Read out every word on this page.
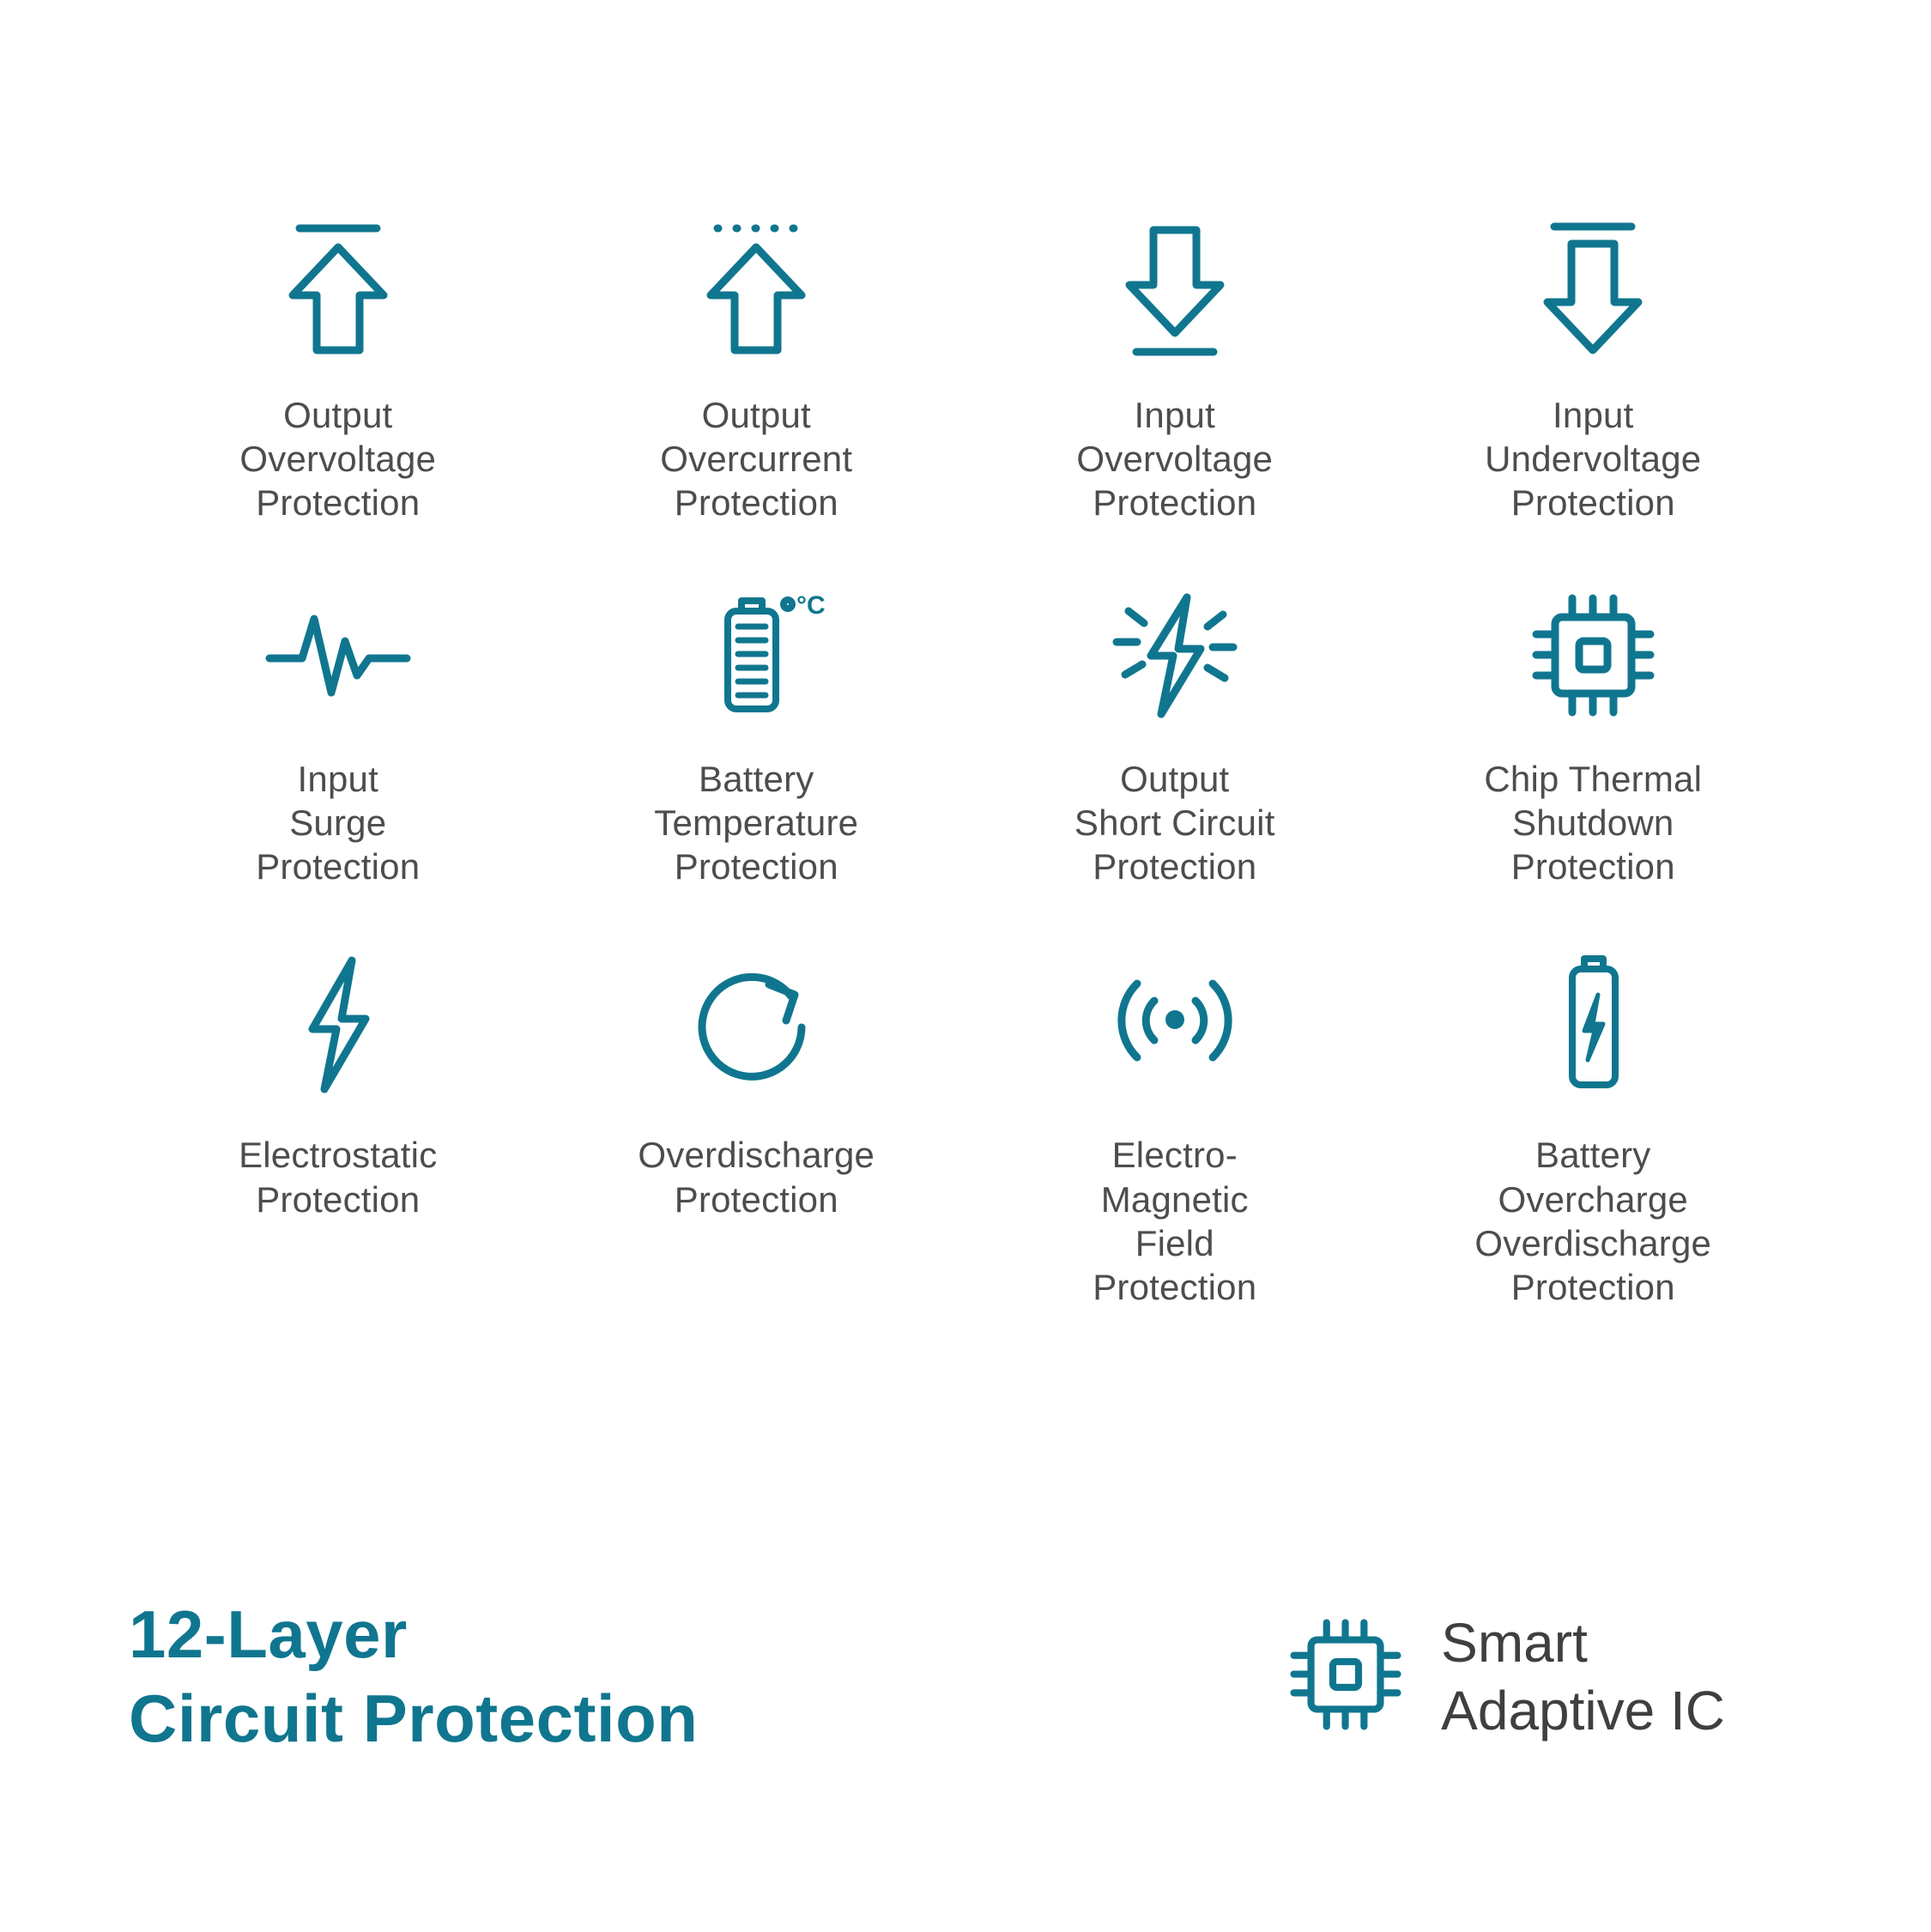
Output
Overvoltage
Protection
Output
Overcurrent
Protection
Input
Overvoltage
Protection
Input
Undervoltage
Protection
Input
Surge
Protection
°C
Battery
Temperature
Protection
Output
Short Circuit
Protection
Chip Thermal
Shutdown
Protection
Electrostatic
Protection
Overdischarge
Protection
Electro-
Magnetic
Field
Protection
Battery
Overcharge
Overdischarge
Protection
12-Layer
Circuit Protection
Smart
Adaptive IC
